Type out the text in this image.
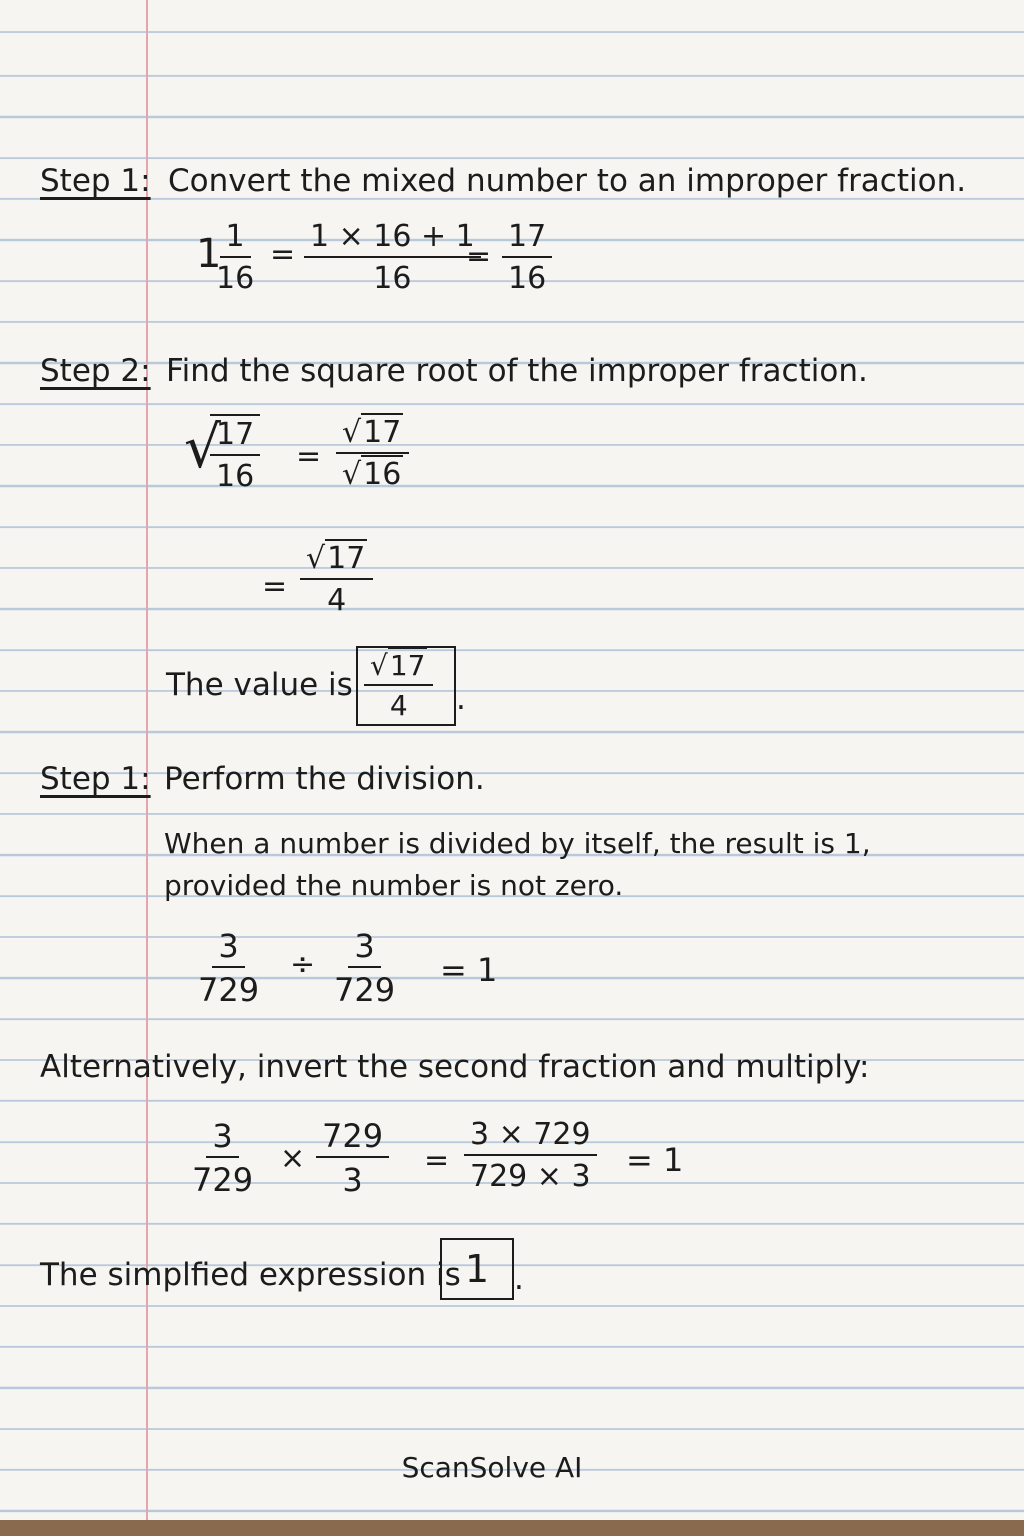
Step 1: Convert the mixed number to an improper fraction.
1
$\frac{1}{16} = \frac{1 \times 16 + 1}{16}$
= $\frac{17}{16}$
Step 2: Find the square root of the improper fraction.
√
$\frac{17}{16} = \frac{√17}{√16}$
= $\frac{√17}{4}$
The value is $\frac{√17}{4}$ .
Step 1: Perform the division.
When a number is divided by itself, the result is 1,
provided the number is not zero.
$\frac{3}{729} \div \frac{3}{729} = 1$
Alternatively, invert the second fraction and multiply:
$\frac{3}{729} \times \frac{729}{3} = \frac{3 \times 729}{729 \times 3} = 1$
The simplfied expression is 1 .
ScanSolve AI
